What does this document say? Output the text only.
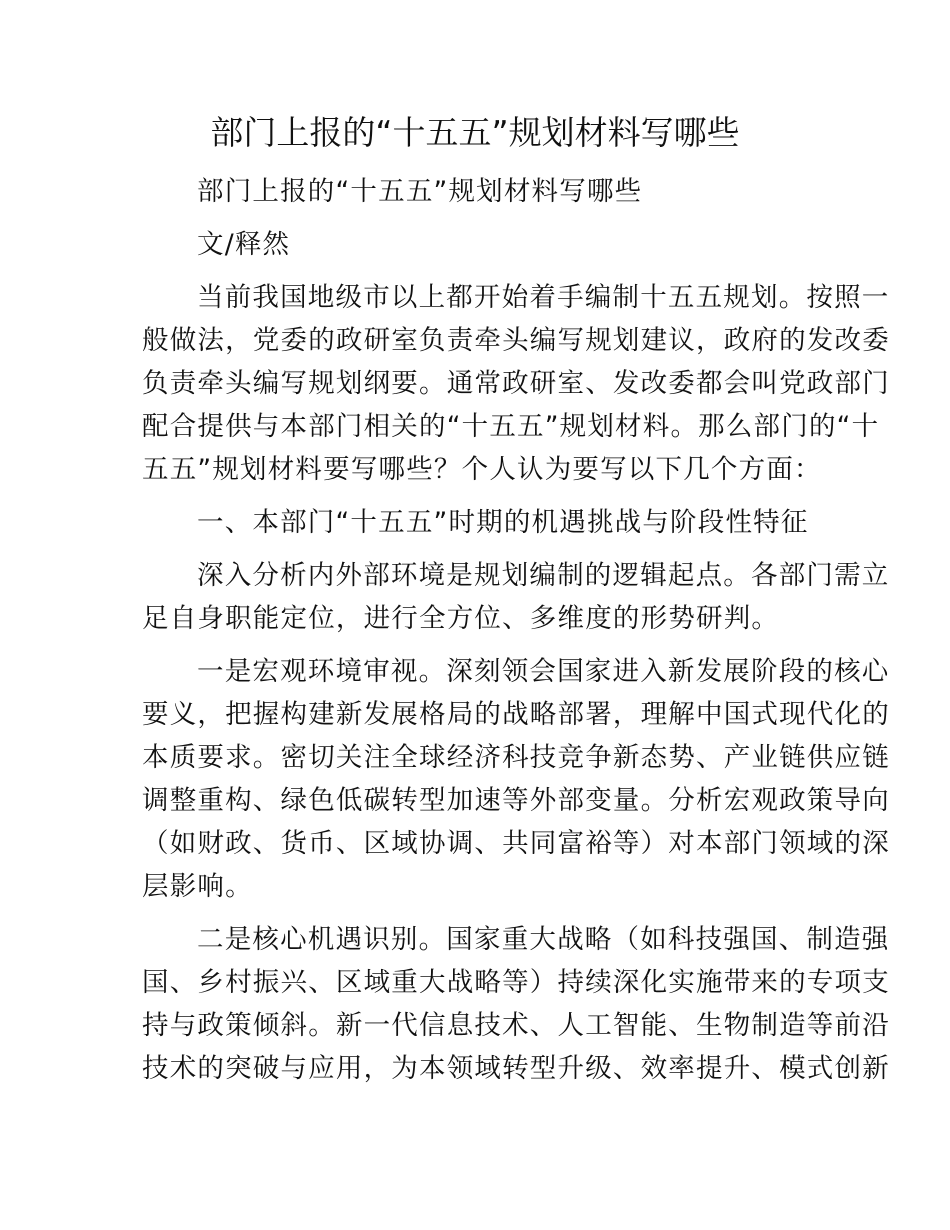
部门上报的“十五五”规划材料写哪些
部门上报的“十五五”规划材料写哪些
文/释然
当前我国地级市以上都开始着手编制十五五规划。按照一
般做法，党委的政研室负责牵头编写规划建议，政府的发改委
负责牵头编写规划纲要。通常政研室、发改委都会叫党政部门
配合提供与本部门相关的“十五五”规划材料。那么部门的“十
五五”规划材料要写哪些？个人认为要写以下几个方面：
一、本部门“十五五”时期的机遇挑战与阶段性特征
深入分析内外部环境是规划编制的逻辑起点。各部门需立
足自身职能定位，进行全方位、多维度的形势研判。
一是宏观环境审视。深刻领会国家进入新发展阶段的核心
要义，把握构建新发展格局的战略部署，理解中国式现代化的
本质要求。密切关注全球经济科技竞争新态势、产业链供应链
调整重构、绿色低碳转型加速等外部变量。分析宏观政策导向
（如财政、货币、区域协调、共同富裕等）对本部门领域的深
层影响。
二是核心机遇识别。国家重大战略（如科技强国、制造强
国、乡村振兴、区域重大战略等）持续深化实施带来的专项支
持与政策倾斜。新一代信息技术、人工智能、生物制造等前沿
技术的突破与应用，为本领域转型升级、效率提升、模式创新
